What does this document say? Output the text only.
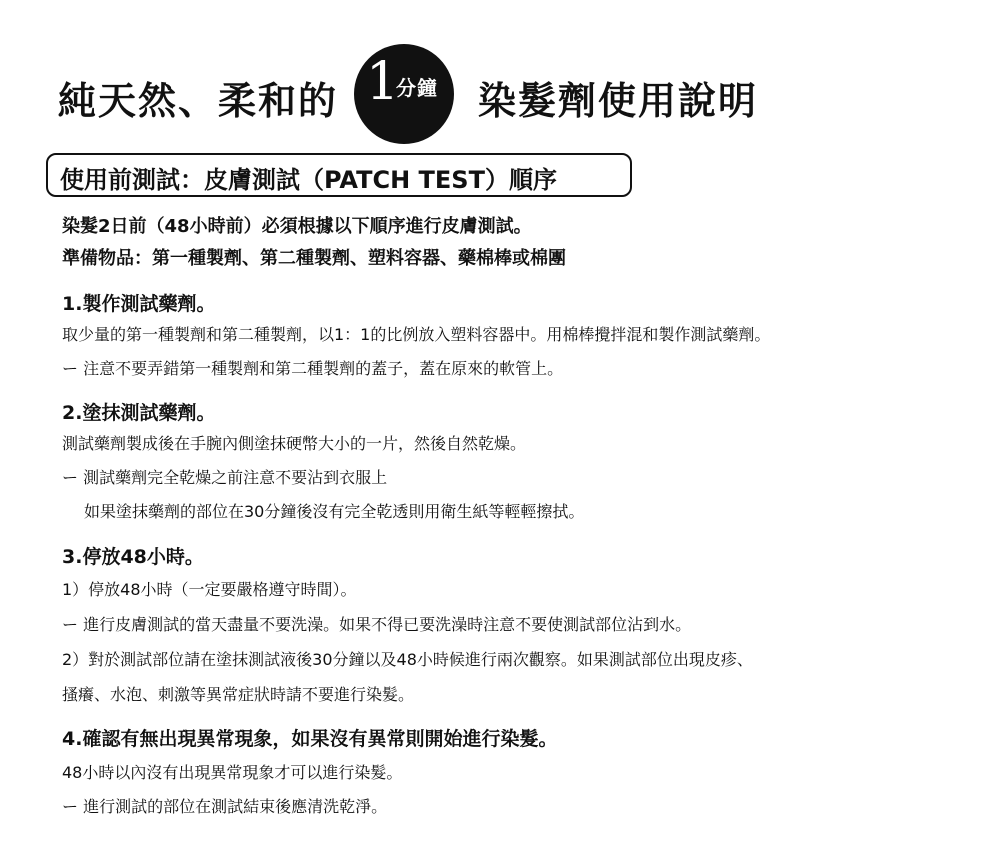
純天然、柔和的 1
分鐘 染髮劑使用說明
使用前測試：皮膚測試（PATCH TEST）順序
染髮2日前（48小時前）必須根據以下順序進行皮膚測試。
準備物品：第一種製劑、第二種製劑、塑料容器、藥棉棒或棉團
1.製作測試藥劑。
取少量的第一種製劑和第二種製劑，以1：1的比例放入塑料容器中。用棉棒攪拌混和製作測試藥劑。
ー 注意不要弄錯第一種製劑和第二種製劑的蓋子，蓋在原來的軟管上。
2.塗抹測試藥劑。
測試藥劑製成後在手腕內側塗抹硬幣大小的一片，然後自然乾燥。
ー 測試藥劑完全乾燥之前注意不要沾到衣服上
如果塗抹藥劑的部位在30分鐘後沒有完全乾透則用衛生紙等輕輕擦拭。
3.停放48小時。
1）停放48小時（一定要嚴格遵守時間）。
ー 進行皮膚測試的當天盡量不要洗澡。如果不得已要洗澡時注意不要使測試部位沾到水。
2）對於測試部位請在塗抹測試液後30分鐘以及48小時候進行兩次觀察。如果測試部位出現皮疹、
搔癢、水泡、刺激等異常症狀時請不要進行染髮。
4.確認有無出現異常現象，如果沒有異常則開始進行染髮。
48小時以內沒有出現異常現象才可以進行染髮。
ー 進行測試的部位在測試結束後應清洗乾淨。
